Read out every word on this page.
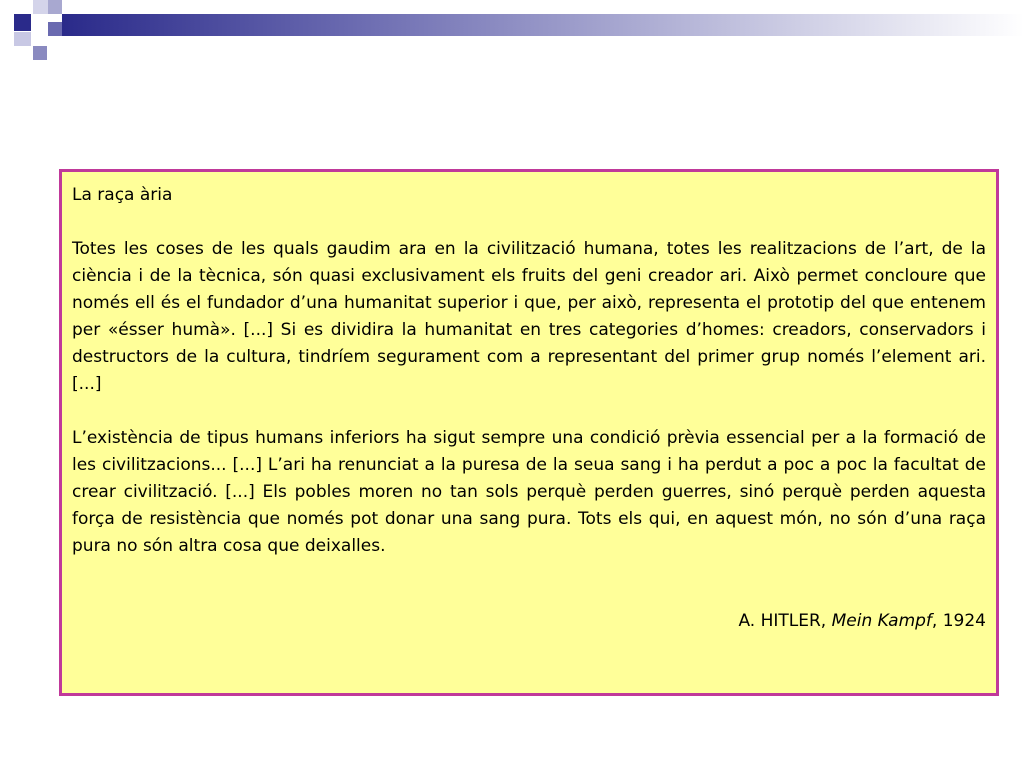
La raça ària
Totes les coses de les quals gaudim ara en la civilització humana, totes les realitzacions de l’art, de la ciència i de la tècnica, són quasi exclusivament els fruits del geni creador ari. Això permet concloure que només ell és el fundador d’una humanitat superior i que, per això, representa el prototip del que entenem per «ésser humà». [...] Si es dividira la humanitat en tres categories d’homes: creadors, conservadors i destructors de la cultura, tindríem segurament com a representant del primer grup només l’element ari. [...]
L’existència de tipus humans inferiors ha sigut sempre una condició prèvia essencial per a la formació de les civilitzacions... [...] L’ari ha renunciat a la puresa de la seua sang i ha perdut a poc a poc la facultat de crear civilització. [...] Els pobles moren no tan sols perquè perden guerres, sinó perquè perden aquesta força de resistència que només pot donar una sang pura. Tots els qui, en aquest món, no són d’una raça pura no són altra cosa que deixalles.
A. HITLER, Mein Kampf, 1924
